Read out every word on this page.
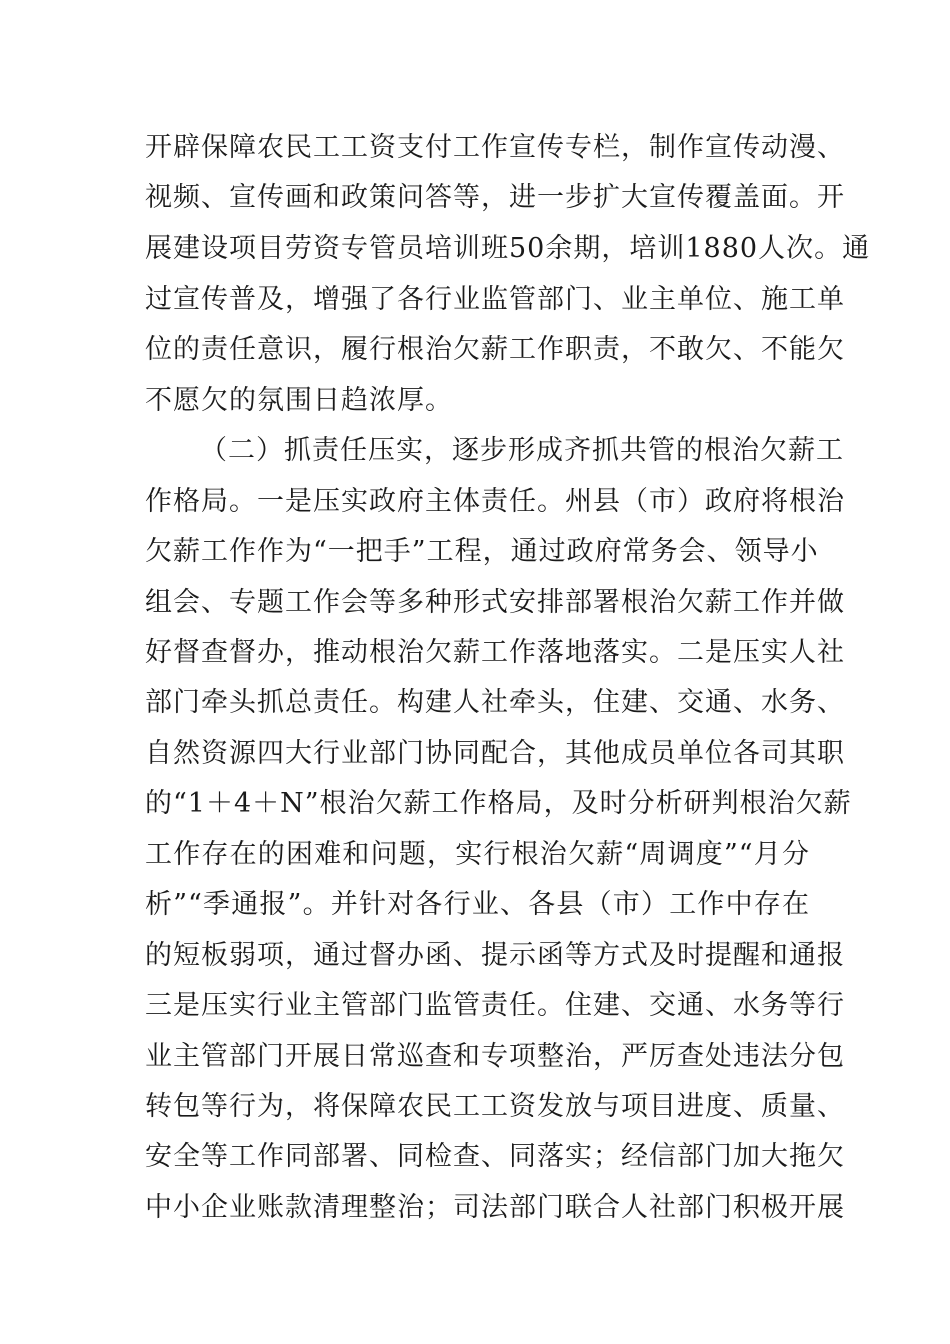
开辟保障农民工工资支付工作宣传专栏，制作宣传动漫、

视频、宣传画和政策问答等，进一步扩大宣传覆盖面。开

展建设项目劳资专管员培训班50余期，培训1880人次。通

过宣传普及，增强了各行业监管部门、业主单位、施工单

位的责任意识，履行根治欠薪工作职责，不敢欠、不能欠

不愿欠的氛围日趋浓厚。

（二）抓责任压实，逐步形成齐抓共管的根治欠薪工

作格局。一是压实政府主体责任。州县（市）政府将根治

欠薪工作作为“一把手”工程，通过政府常务会、领导小

组会、专题工作会等多种形式安排部署根治欠薪工作并做

好督查督办，推动根治欠薪工作落地落实。二是压实人社

部门牵头抓总责任。构建人社牵头，住建、交通、水务、

自然资源四大行业部门协同配合，其他成员单位各司其职

的“1＋4＋N”根治欠薪工作格局，及时分析研判根治欠薪

工作存在的困难和问题，实行根治欠薪“周调度”“月分

析”“季通报”。并针对各行业、各县（市）工作中存在

的短板弱项，通过督办函、提示函等方式及时提醒和通报

三是压实行业主管部门监管责任。住建、交通、水务等行

业主管部门开展日常巡查和专项整治，严厉查处违法分包

转包等行为，将保障农民工工资发放与项目进度、质量、

安全等工作同部署、同检查、同落实；经信部门加大拖欠

中小企业账款清理整治；司法部门联合人社部门积极开展
